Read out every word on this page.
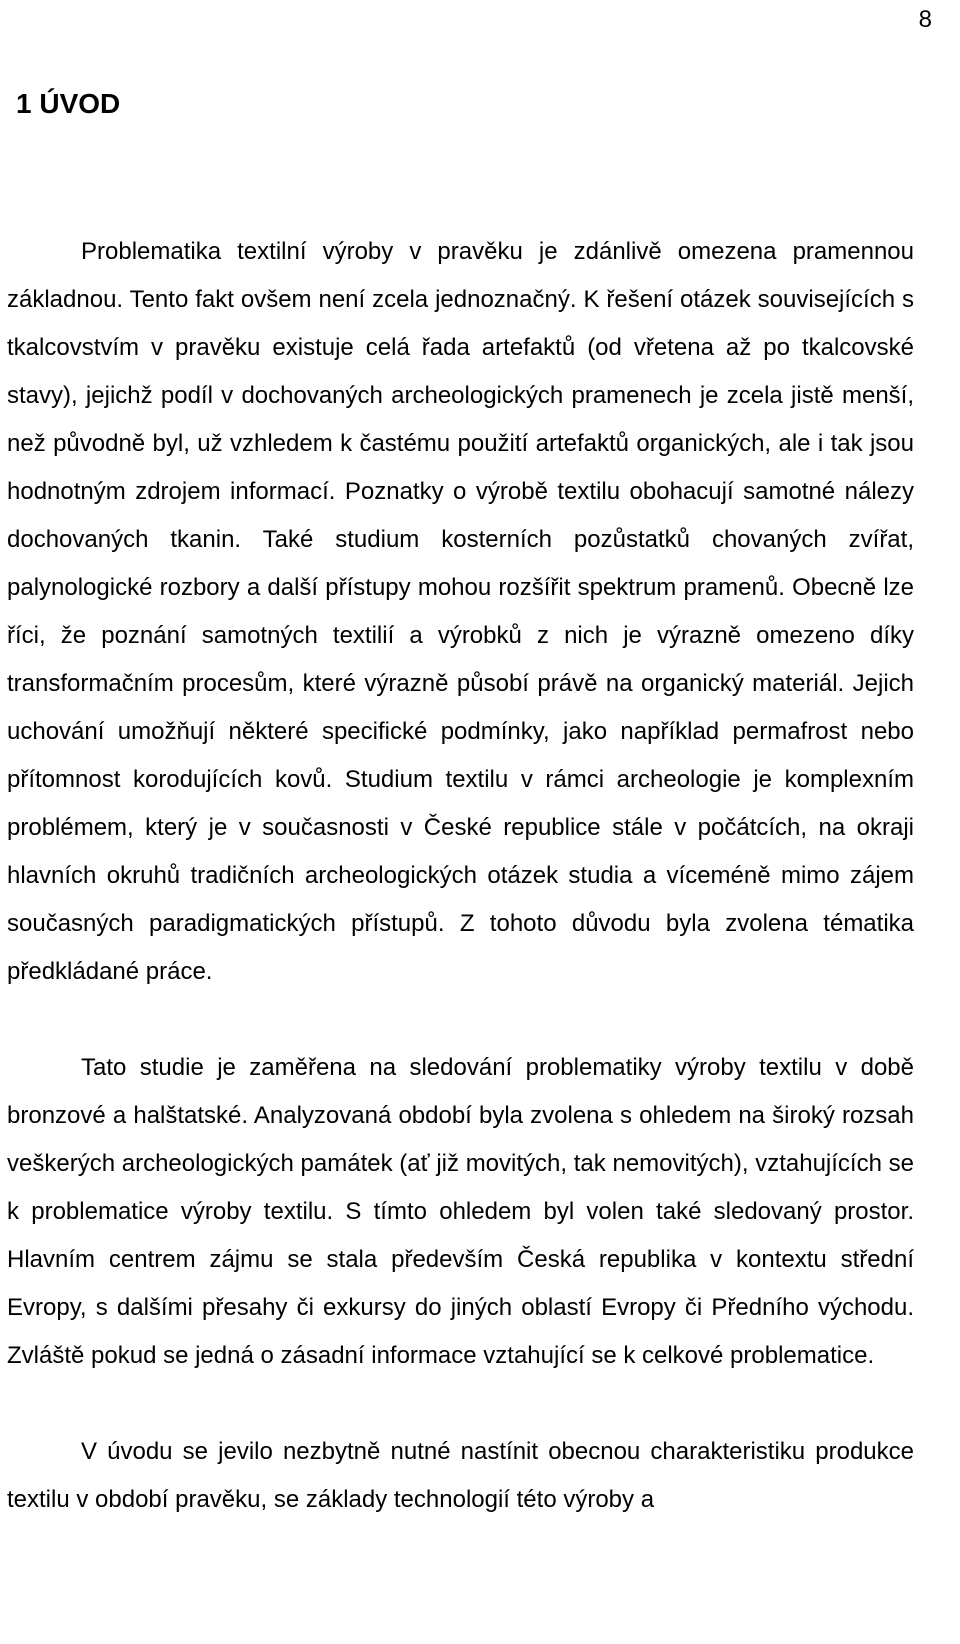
8
1 ÚVOD

Problematika textilní výroby v pravěku je zdánlivě omezena pramennou základnou. Tento fakt ovšem není zcela jednoznačný. K řešení otázek souvisejících s tkalcovstvím v pravěku existuje celá řada artefaktů (od vřetena až po tkalcovské stavy), jejichž podíl v dochovaných archeologických pramenech je zcela jistě menší, než původně byl, už vzhledem k častému použití artefaktů organických, ale i tak jsou hodnotným zdrojem informací. Poznatky o výrobě textilu obohacují samotné nálezy dochovaných tkanin. Také studium kosterních pozůstatků chovaných zvířat, palynologické rozbory a další přístupy mohou rozšířit spektrum pramenů. Obecně lze říci, že poznání samotných textilií a výrobků z nich je výrazně omezeno díky transformačním procesům, které výrazně působí právě na organický materiál. Jejich uchování umožňují některé specifické podmínky, jako například permafrost nebo přítomnost korodujících kovů. Studium textilu v rámci archeologie je komplexním problémem, který je v současnosti v České republice stále v počátcích, na okraji hlavních okruhů tradičních archeologických otázek studia a víceméně mimo zájem současných paradigmatických přístupů. Z tohoto důvodu byla zvolena tématika předkládané práce.

Tato studie je zaměřena na sledování problematiky výroby textilu v době bronzové a halštatské. Analyzovaná období byla zvolena s ohledem na široký rozsah veškerých archeologických památek (ať již movitých, tak nemovitých), vztahujících se k problematice výroby textilu. S tímto ohledem byl volen také sledovaný prostor. Hlavním centrem zájmu se stala především Česká republika v kontextu střední Evropy, s dalšími přesahy či exkursy do jiných oblastí Evropy či Předního východu. Zvláště pokud se jedná o zásadní informace vztahující se k celkové problematice.

V úvodu se jevilo nezbytně nutné nastínit obecnou charakteristiku produkce textilu v období pravěku, se základy technologií této výroby a
